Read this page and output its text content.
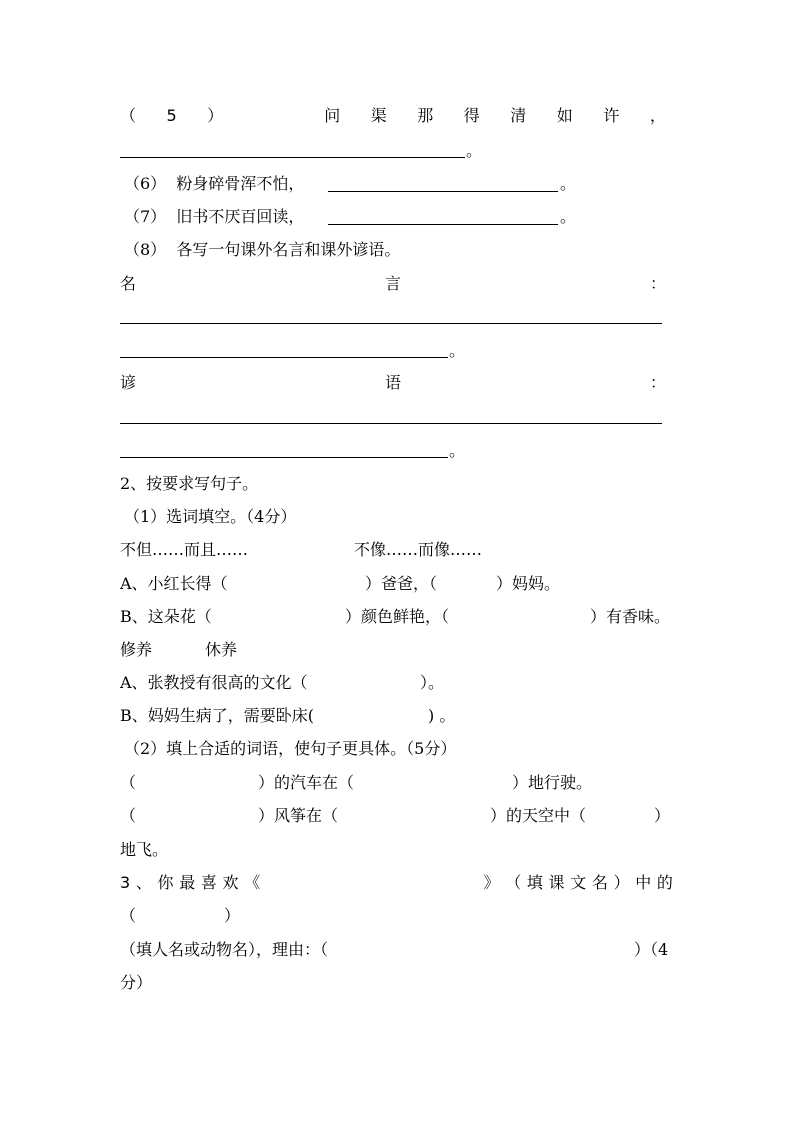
（ 5 ）	问 渠 那 得 清 如 许 ，
。
（6）  粉身碎骨浑不怕，	。
（7）  旧书不厌百回读，	。
（8）  各写一句课外名言和课外谚语。
名	言	：
。
谚	语	：
。
2、按要求写句子。
（1）选词填空。（4分）
不但……而且……	不像……而像……
A、小红长得（	）爸爸，（	）妈妈。
B、这朵花（	）颜色鲜艳，（	）有香味。
修养	休养
A、张教授有很高的文化（	）。
B、妈妈生病了，需要卧床(	) 。
（2）填上合适的词语，使句子更具体。（5分）
（	）的汽车在（	）地行驶。
（	）风筝在（	）的天空中（	）
地飞。
3 、 你 最 喜 欢 《	》 （ 填 课 文 名 ） 中 的
（	）
（填人名或动物名），理由：（	）（4
分）
